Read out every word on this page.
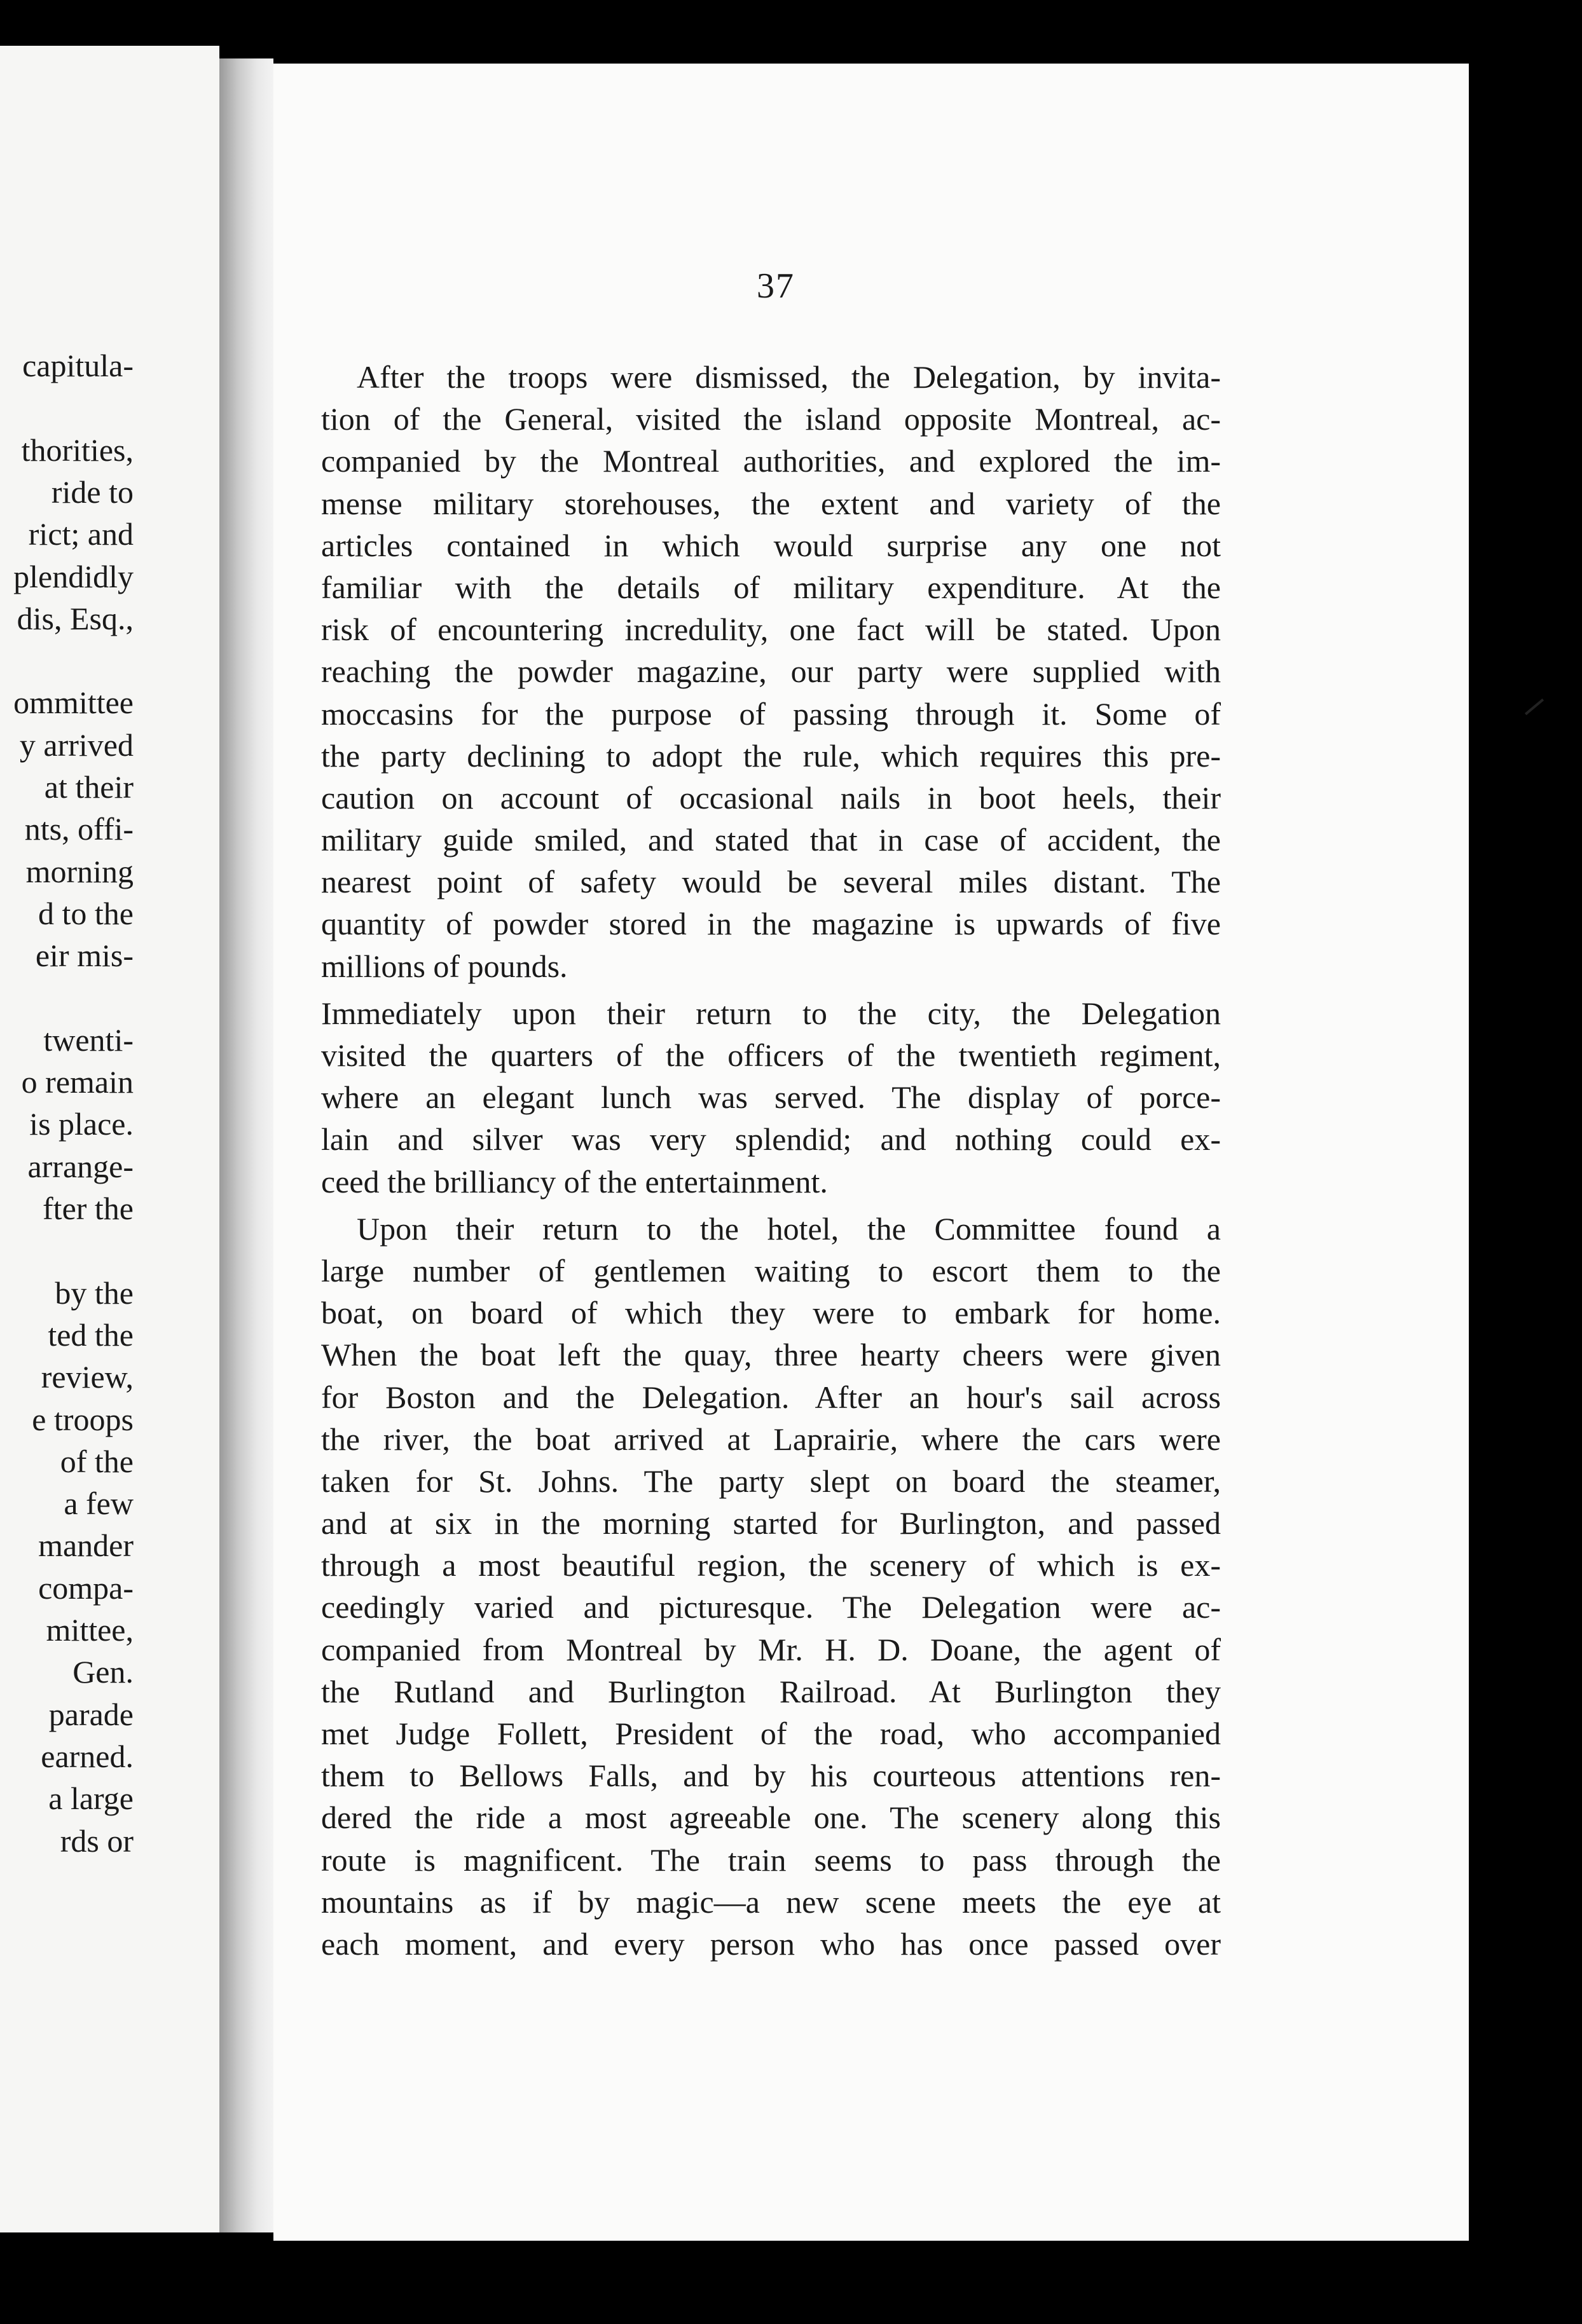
capitula-
thorities,
ride to
rict; and
plendidly
dis, Esq.,
ommittee
y arrived
at their
nts, offi-
morning
d to the
eir mis-
twenti-
o remain
is place.
arrange-
fter the
by the
ted the
review,
e troops
of the
a few
mander
compa-
mittee,
Gen.
parade
earned.
a large
rds or
37
After the troops were dismissed, the Delegation, by invita-
tion of the General, visited the island opposite Montreal, ac-
companied by the Montreal authorities, and explored the im-
mense military storehouses, the extent and variety of the
articles contained in which would surprise any one not
familiar with the details of military expenditure. At the
risk of encountering incredulity, one fact will be stated. Upon
reaching the powder magazine, our party were supplied with
moccasins for the purpose of passing through it. Some of
the party declining to adopt the rule, which requires this pre-
caution on account of occasional nails in boot heels, their
military guide smiled, and stated that in case of accident, the
nearest point of safety would be several miles distant. The
quantity of powder stored in the magazine is upwards of five
millions of pounds.
Immediately upon their return to the city, the Delegation
visited the quarters of the officers of the twentieth regiment,
where an elegant lunch was served. The display of porce-
lain and silver was very splendid; and nothing could ex-
ceed the brilliancy of the entertainment.
Upon their return to the hotel, the Committee found a
large number of gentlemen waiting to escort them to the
boat, on board of which they were to embark for home.
When the boat left the quay, three hearty cheers were given
for Boston and the Delegation. After an hour's sail across
the river, the boat arrived at Laprairie, where the cars were
taken for St. Johns. The party slept on board the steamer,
and at six in the morning started for Burlington, and passed
through a most beautiful region, the scenery of which is ex-
ceedingly varied and picturesque. The Delegation were ac-
companied from Montreal by Mr. H. D. Doane, the agent of
the Rutland and Burlington Railroad. At Burlington they
met Judge Follett, President of the road, who accompanied
them to Bellows Falls, and by his courteous attentions ren-
dered the ride a most agreeable one. The scenery along this
route is magnificent. The train seems to pass through the
mountains as if by magic—a new scene meets the eye at
each moment, and every person who has once passed over
